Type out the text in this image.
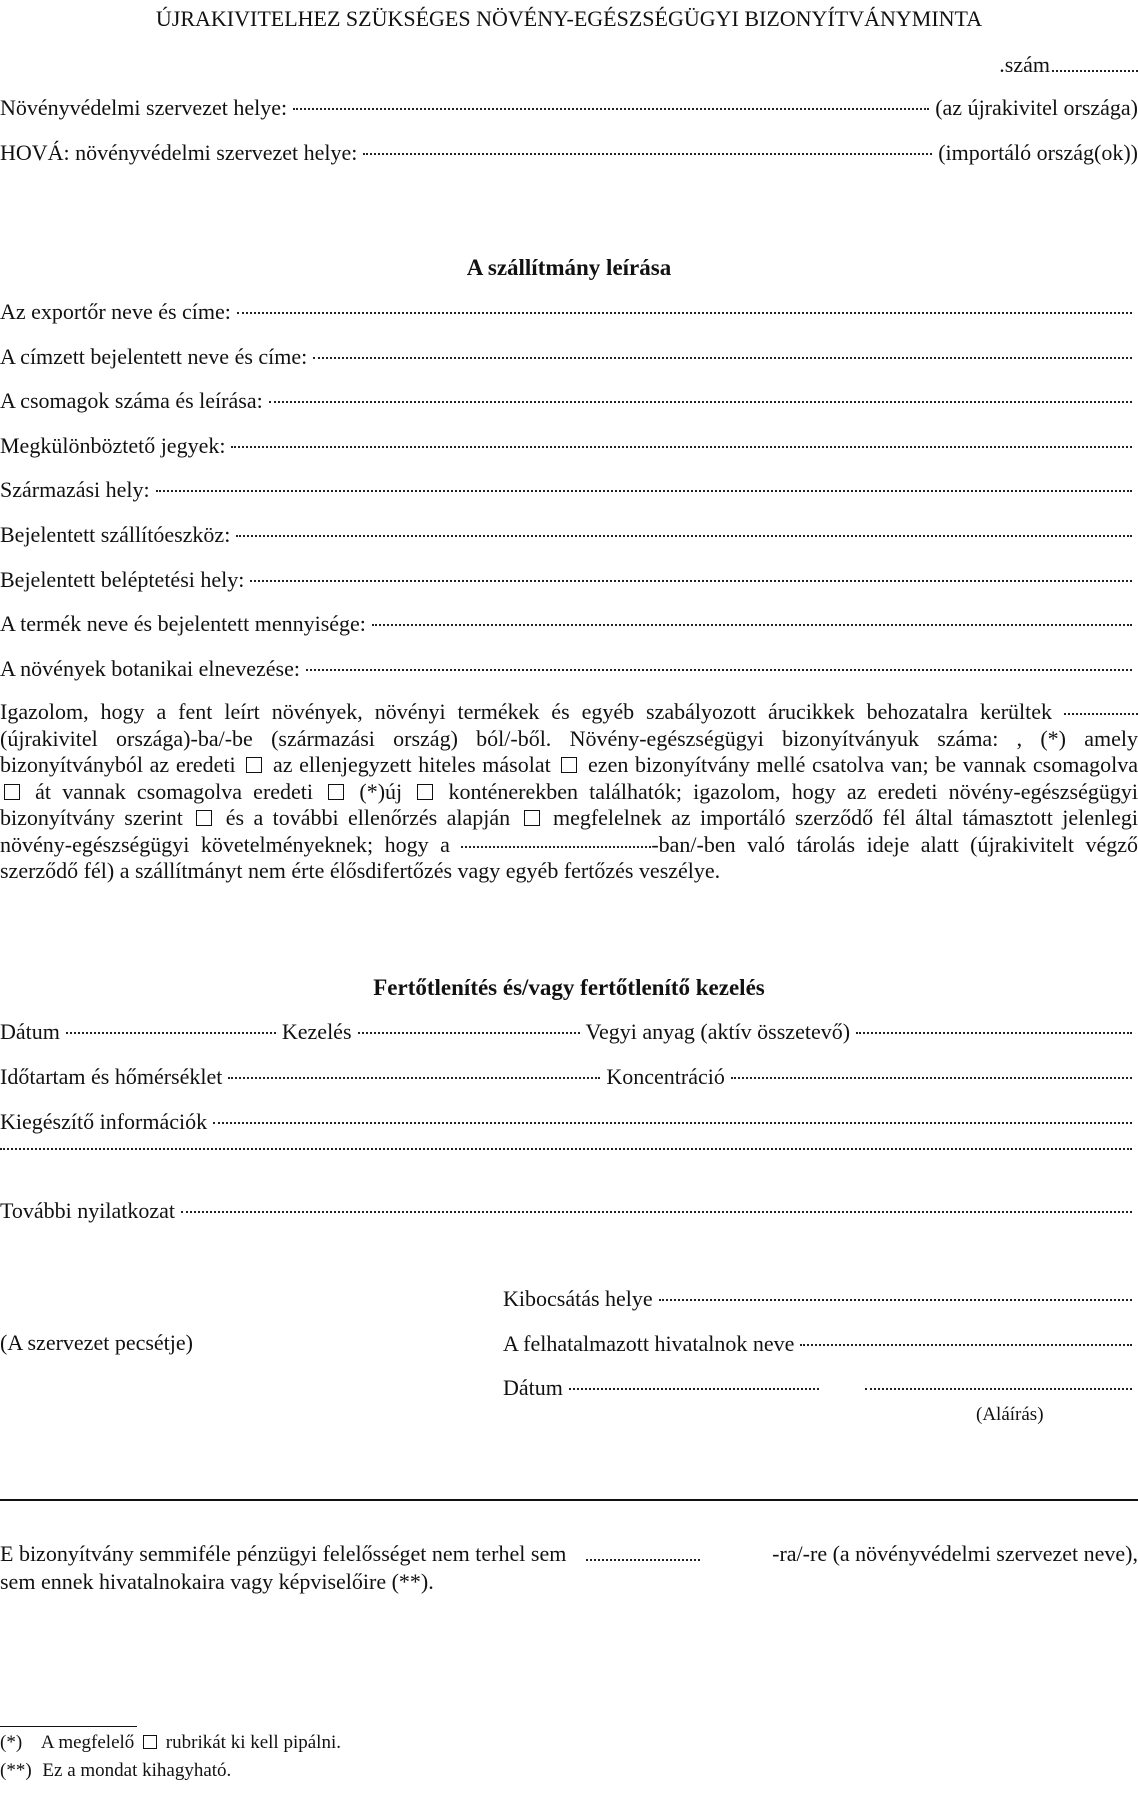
ÚJRAKIVITELHEZ SZÜKSÉGES NÖVÉNY-EGÉSZSÉGÜGYI BIZONYÍTVÁNYMINTA
.szám
Növényvédelmi szervezet helye:	(az újrakivitel országa)
HOVÁ: növényvédelmi szervezet helye:	(importáló ország(ok))
A szállítmány leírása
Az exportőr neve és címe:
A címzett bejelentett neve és címe:
A csomagok száma és leírása:
Megkülönböztető jegyek:
Származási hely:
Bejelentett szállítóeszköz:
Bejelentett beléptetési hely:
A termék neve és bejelentett mennyisége:
A növények botanikai elnevezése:
Igazolom, hogy a fent leírt növények, növényi termékek és egyéb szabályozott árucikkek behozatalra kerültek  (újrakivitel országa)-ba/-be (származási ország) ból/-ből. Növény-egészségügyi bizonyítványuk száma: , (*) amely bizonyítványból az eredeti az ellenjegyzett hiteles másolat ezen bizonyítvány mellé csatolva van; be vannak csomagolva  át vannak csomagolva eredeti (*)új konténerekben találhatók; igazolom, hogy az eredeti növény-egészségügyi bizonyítvány szerint és a további ellenőrzés alapján megfelelnek az importáló szerződő fél által támasztott jelenlegi növény-egészségügyi követelményeknek; hogy a	-ban/-ben való tárolás ideje alatt (újrakivitelt végző szerződő fél) a szállítmányt nem érte élősdifertőzés vagy egyéb fertőzés veszélye.
Fertőtlenítés és/vagy fertőtlenítő kezelés
Dátum	Kezelés	Vegyi anyag (aktív összetevő)
Időtartam és hőmérséklet	Koncentráció
Kiegészítő információk
További nyilatkozat
Kibocsátás helye
(A szervezet pecsétje)	A felhatalmazott hivatalnok neve
Dátum
(Aláírás)
E bizonyítvány semmiféle pénzügyi felelősséget nem terhel sem	-ra/-re (a növényvédelmi szervezet neve),
sem ennek hivatalnokaira vagy képviselőire (**).
(*) A megfelelő rubrikát ki kell pipálni.
(**) Ez a mondat kihagyható.
